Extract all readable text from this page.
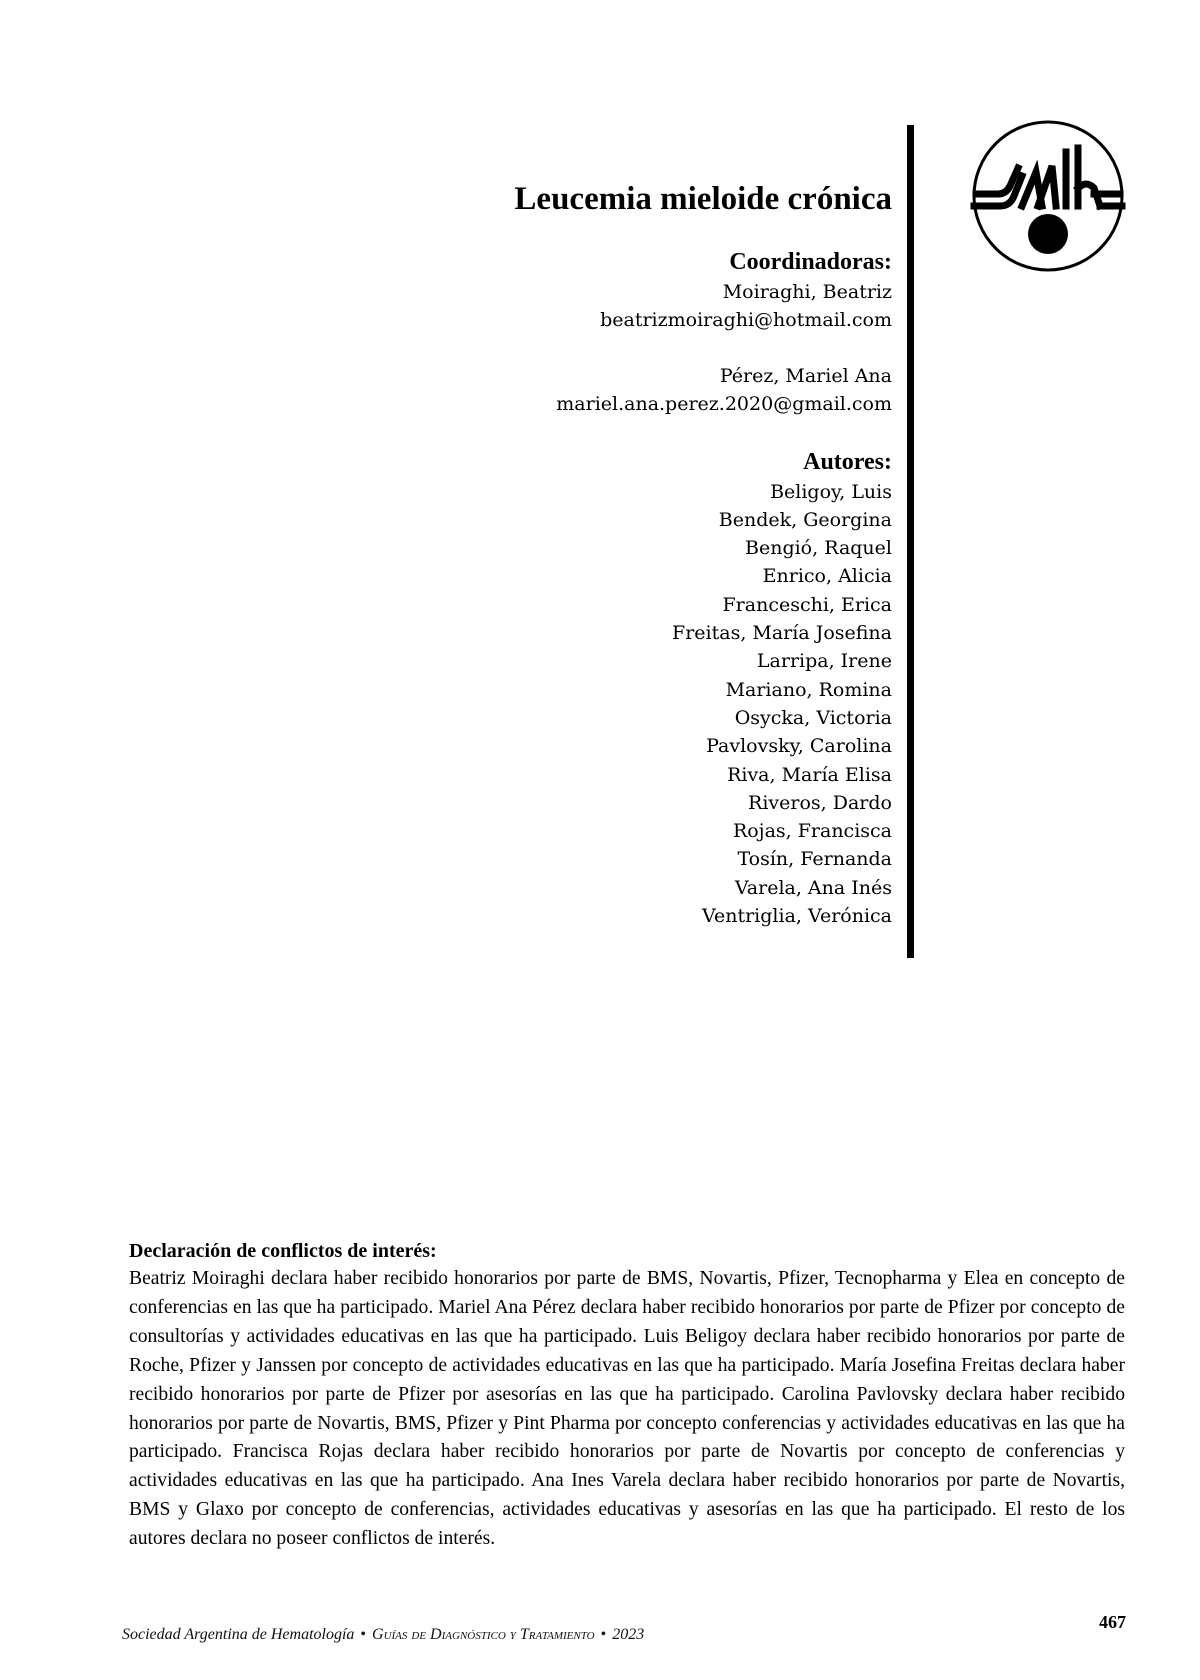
Leucemia mieloide crónica

Coordinadoras:

Moiraghi, Beatriz

beatrizmoiraghi@hotmail.com

Pérez, Mariel Ana

mariel.ana.perez.2020@gmail.com

Autores:

Beligoy, Luis

Bendek, Georgina

Bengió, Raquel

Enrico, Alicia

Franceschi, Erica

Freitas, María Josefina

Larripa, Irene

Mariano, Romina

Osycka, Victoria

Pavlovsky, Carolina

Riva, María Elisa

Riveros, Dardo

Rojas, Francisca

Tosín, Fernanda

Varela, Ana Inés

Ventriglia, Verónica

Declaración de conflictos de interés:

Beatriz Moiraghi declara haber recibido honorarios por parte de BMS, Novartis, Pfizer, Tecnopharma y Elea en concepto de conferencias en las que ha participado. Mariel Ana Pérez declara haber recibido honorarios por parte de Pfizer por concepto de consultorías y actividades educativas en las que ha participado. Luis Beligoy declara haber recibido honorarios por parte de Roche, Pfizer y Janssen por concepto de actividades educativas en las que ha participado. María Josefina Freitas declara haber recibido honorarios por parte de Pfizer por asesorías en las que ha participado. Carolina Pavlovsky declara haber recibido honorarios por parte de Novartis, BMS, Pfizer y Pint Pharma por concepto conferencias y actividades educativas en las que ha participado. Francisca Rojas declara haber recibido honorarios por parte de Novartis por concepto de conferencias y actividades educativas en las que ha participado. Ana Ines Varela declara haber recibido honorarios por parte de Novartis, BMS y Glaxo por concepto de conferencias, actividades educativas y asesorías en las que ha participado. El resto de los autores declara no poseer conflictos de interés.

Sociedad Argentina de Hematología • Guías de Diagnóstico y Tratamiento • 2023
467
